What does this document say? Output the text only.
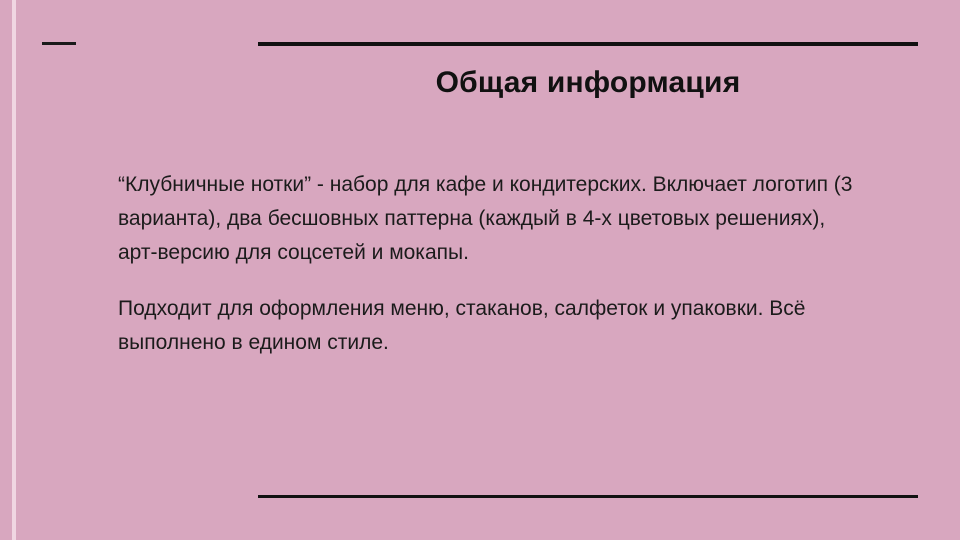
Общая информация

“Клубничные нотки” - набор для кафе и кондитерских. Включает логотип (3 варианта), два бесшовных паттерна (каждый в 4-х цветовых решениях), арт-версию для соцсетей и мокапы.

Подходит для оформления меню, стаканов, салфеток и упаковки. Всё выполнено в едином стиле.
